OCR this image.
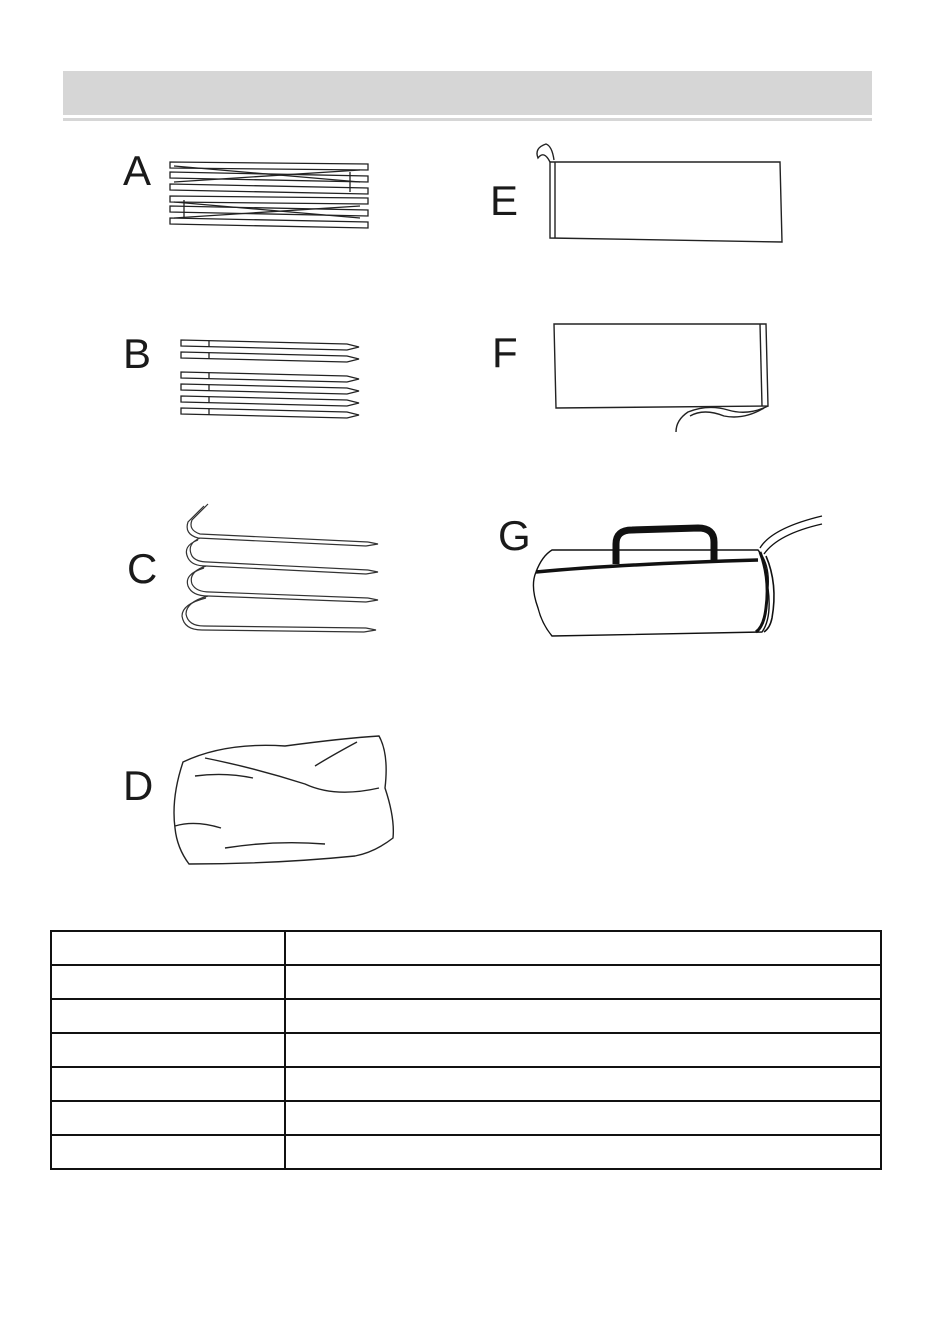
A
B
C
D
E
F
G
